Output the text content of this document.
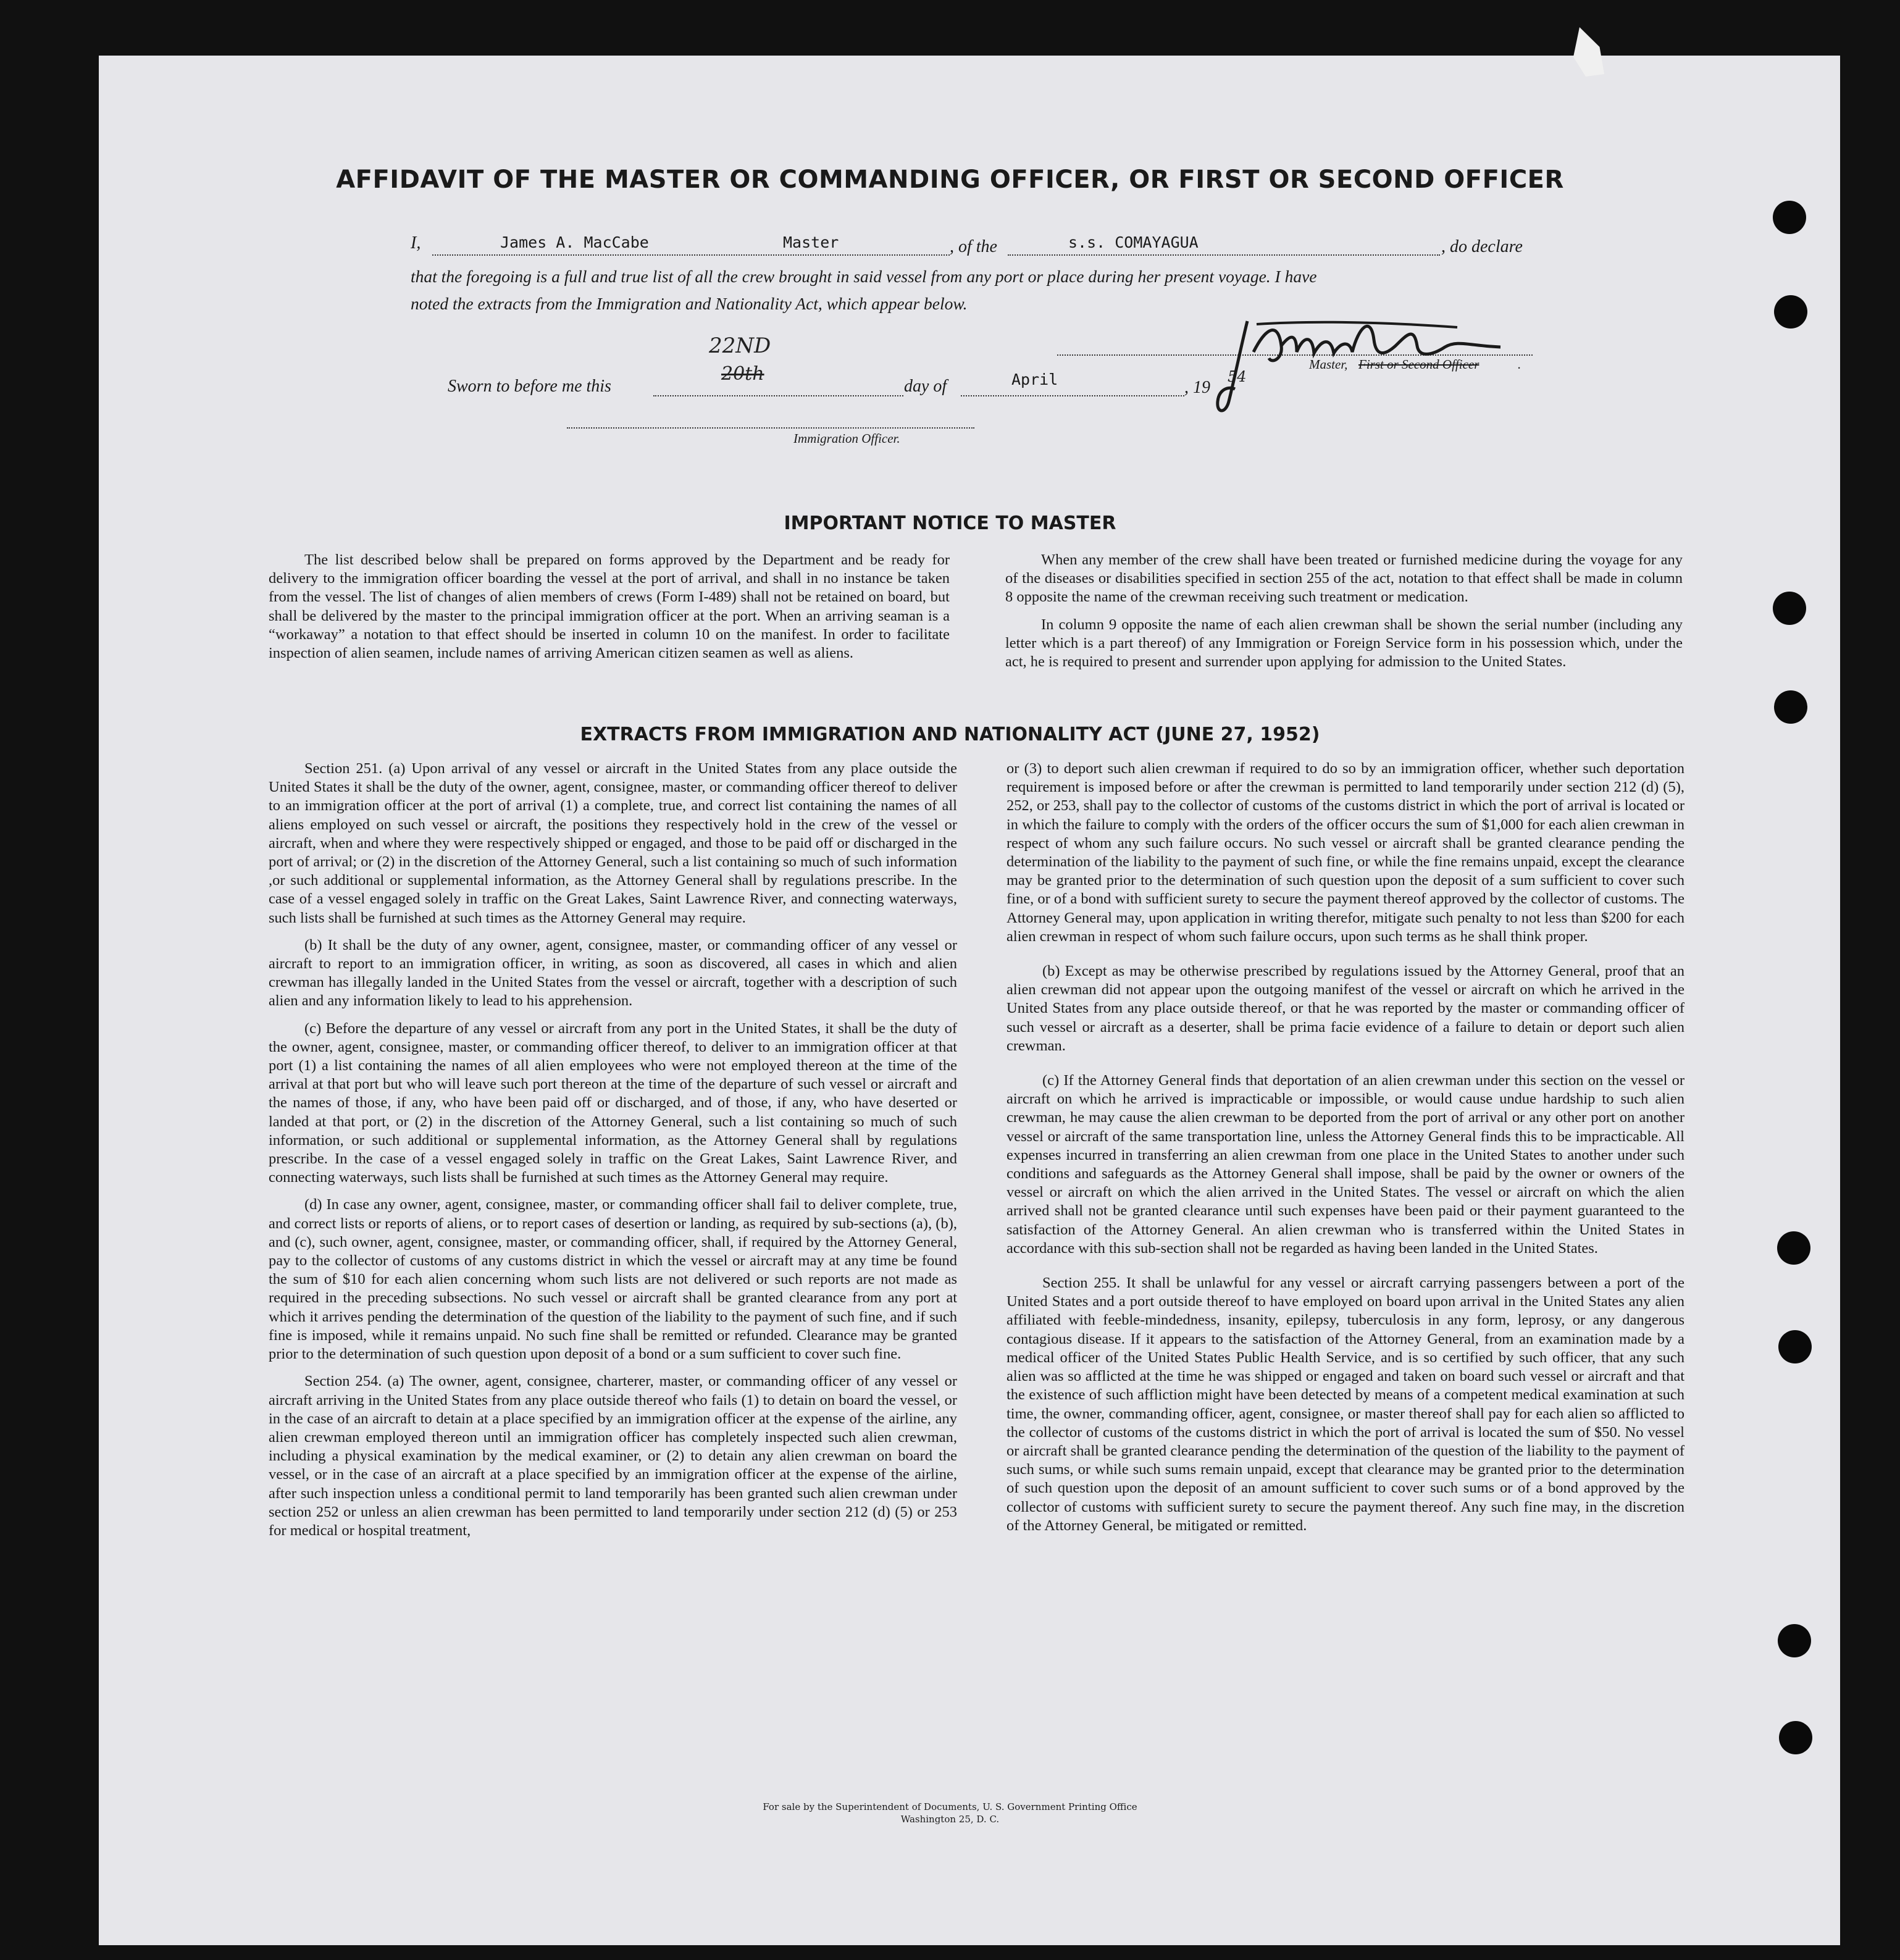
AFFIDAVIT OF THE MASTER OR COMMANDING OFFICER, OR FIRST OR SECOND OFFICER
I,	James A. MacCabe	Master	, of the	s.s. COMAYAGUA	, do declare
that the foregoing is a full and true list of all the crew brought in said vessel from any port or place during her present voyage. I have
noted the extracts from the Immigration and Nationality Act, which appear below.
Sworn to before me this
22ND
20th
day of	April	, 19
54
Master, First or Second Officer	.
Immigration Officer.
IMPORTANT NOTICE TO MASTER

The list described below shall be prepared on forms approved by the Department and be ready for delivery to the immigration officer boarding the vessel at the port of arrival, and shall in no instance be taken from the vessel. The list of changes of alien members of crews (Form I-489) shall not be retained on board, but shall be delivered by the master to the principal immigration officer at the port. When an arriving seaman is a “workaway” a notation to that effect should be inserted in column 10 on the manifest. In order to facilitate inspection of alien seamen, include names of arriving American citizen seamen as well as aliens.

When any member of the crew shall have been treated or furnished medicine during the voyage for any of the diseases or disabilities specified in section 255 of the act, notation to that effect shall be made in column 8 opposite the name of the crewman receiving such treatment or medication.

In column 9 opposite the name of each alien crewman shall be shown the serial number (including any letter which is a part thereof) of any Immigration or Foreign Service form in his possession which, under the act, he is required to present and surrender upon applying for admission to the United States.

EXTRACTS FROM IMMIGRATION AND NATIONALITY ACT (JUNE 27, 1952)

Section 251. (a) Upon arrival of any vessel or aircraft in the United States from any place outside the United States it shall be the duty of the owner, agent, consignee, master, or commanding officer thereof to deliver to an immigration officer at the port of arrival (1) a complete, true, and correct list containing the names of all aliens employed on such vessel or aircraft, the positions they respectively hold in the crew of the vessel or aircraft, when and where they were respectively shipped or engaged, and those to be paid off or discharged in the port of arrival; or (2) in the discretion of the Attorney General, such a list containing so much of such information ,or such additional or supplemental information, as the Attorney General shall by regulations prescribe. In the case of a vessel engaged solely in traffic on the Great Lakes, Saint Lawrence River, and connecting waterways, such lists shall be furnished at such times as the Attorney General may require.

(b) It shall be the duty of any owner, agent, consignee, master, or commanding officer of any vessel or aircraft to report to an immigration officer, in writing, as soon as discovered, all cases in which and alien crewman has illegally landed in the United States from the vessel or aircraft, together with a description of such alien and any information likely to lead to his apprehension.

(c) Before the departure of any vessel or aircraft from any port in the United States, it shall be the duty of the owner, agent, consignee, master, or commanding officer thereof, to deliver to an immigration officer at that port (1) a list containing the names of all alien employees who were not employed thereon at the time of the arrival at that port but who will leave such port thereon at the time of the departure of such vessel or aircraft and the names of those, if any, who have been paid off or discharged, and of those, if any, who have deserted or landed at that port, or (2) in the discretion of the Attorney General, such a list containing so much of such information, or such additional or supplemental information, as the Attorney General shall by regulations prescribe. In the case of a vessel engaged solely in traffic on the Great Lakes, Saint Lawrence River, and connecting waterways, such lists shall be furnished at such times as the Attorney General may require.

(d) In case any owner, agent, consignee, master, or commanding officer shall fail to deliver complete, true, and correct lists or reports of aliens, or to report cases of desertion or landing, as required by sub-sections (a), (b), and (c), such owner, agent, consignee, master, or commanding officer, shall, if required by the Attorney General, pay to the collector of customs of any customs district in which the vessel or aircraft may at any time be found the sum of $10 for each alien concerning whom such lists are not delivered or such reports are not made as required in the preceding subsections. No such vessel or aircraft shall be granted clearance from any port at which it arrives pending the determination of the question of the liability to the payment of such fine, and if such fine is imposed, while it remains unpaid. No such fine shall be remitted or refunded. Clearance may be granted prior to the determination of such question upon deposit of a bond or a sum sufficient to cover such fine.

Section 254. (a) The owner, agent, consignee, charterer, master, or commanding officer of any vessel or aircraft arriving in the United States from any place outside thereof who fails (1) to detain on board the vessel, or in the case of an aircraft to detain at a place specified by an immigration officer at the expense of the airline, any alien crewman employed thereon until an immigration officer has completely inspected such alien crewman, including a physical examination by the medical examiner, or (2) to detain any alien crewman on board the vessel, or in the case of an aircraft at a place specified by an immigration officer at the expense of the airline, after such inspection unless a conditional permit to land temporarily has been granted such alien crewman under section 252 or unless an alien crewman has been permitted to land temporarily under section 212 (d) (5) or 253 for medical or hospital treatment,

or (3) to deport such alien crewman if required to do so by an immigration officer, whether such deportation requirement is imposed before or after the crewman is permitted to land temporarily under section 212 (d) (5), 252, or 253, shall pay to the collector of customs of the customs district in which the port of arrival is located or in which the failure to comply with the orders of the officer occurs the sum of $1,000 for each alien crewman in respect of whom any such failure occurs. No such vessel or aircraft shall be granted clearance pending the determination of the liability to the payment of such fine, or while the fine remains unpaid, except the clearance may be granted prior to the determination of such question upon the deposit of a sum sufficient to cover such fine, or of a bond with sufficient surety to secure the payment thereof approved by the collector of customs. The Attorney General may, upon application in writing therefor, mitigate such penalty to not less than $200 for each alien crewman in respect of whom such failure occurs, upon such terms as he shall think proper.

(b) Except as may be otherwise prescribed by regulations issued by the Attorney General, proof that an alien crewman did not appear upon the outgoing manifest of the vessel or aircraft on which he arrived in the United States from any place outside thereof, or that he was reported by the master or commanding officer of such vessel or aircraft as a deserter, shall be prima facie evidence of a failure to detain or deport such alien crewman.

(c) If the Attorney General finds that deportation of an alien crewman under this section on the vessel or aircraft on which he arrived is impracticable or impossible, or would cause undue hardship to such alien crewman, he may cause the alien crewman to be deported from the port of arrival or any other port on another vessel or aircraft of the same transportation line, unless the Attorney General finds this to be impracticable. All expenses incurred in transferring an alien crewman from one place in the United States to another under such conditions and safeguards as the Attorney General shall impose, shall be paid by the owner or owners of the vessel or aircraft on which the alien arrived in the United States. The vessel or aircraft on which the alien arrived shall not be granted clearance until such expenses have been paid or their payment guaranteed to the satisfaction of the Attorney General. An alien crewman who is transferred within the United States in accordance with this sub-section shall not be regarded as having been landed in the United States.

Section 255. It shall be unlawful for any vessel or aircraft carrying passengers between a port of the United States and a port outside thereof to have employed on board upon arrival in the United States any alien affiliated with feeble-mindedness, insanity, epilepsy, tuberculosis in any form, leprosy, or any dangerous contagious disease. If it appears to the satisfaction of the Attorney General, from an examination made by a medical officer of the United States Public Health Service, and is so certified by such officer, that any such alien was so afflicted at the time he was shipped or engaged and taken on board such vessel or aircraft and that the existence of such affliction might have been detected by means of a competent medical examination at such time, the owner, commanding officer, agent, consignee, or master thereof shall pay for each alien so afflicted to the collector of customs of the customs district in which the port of arrival is located the sum of $50. No vessel or aircraft shall be granted clearance pending the determination of the question of the liability to the payment of such sums, or while such sums remain unpaid, except that clearance may be granted prior to the determination of such question upon the deposit of an amount sufficient to cover such sums or of a bond approved by the collector of customs with sufficient surety to secure the payment thereof. Any such fine may, in the discretion of the Attorney General, be mitigated or remitted.

For sale by the Superintendent of Documents, U. S. Government Printing Office
Washington 25, D. C.
